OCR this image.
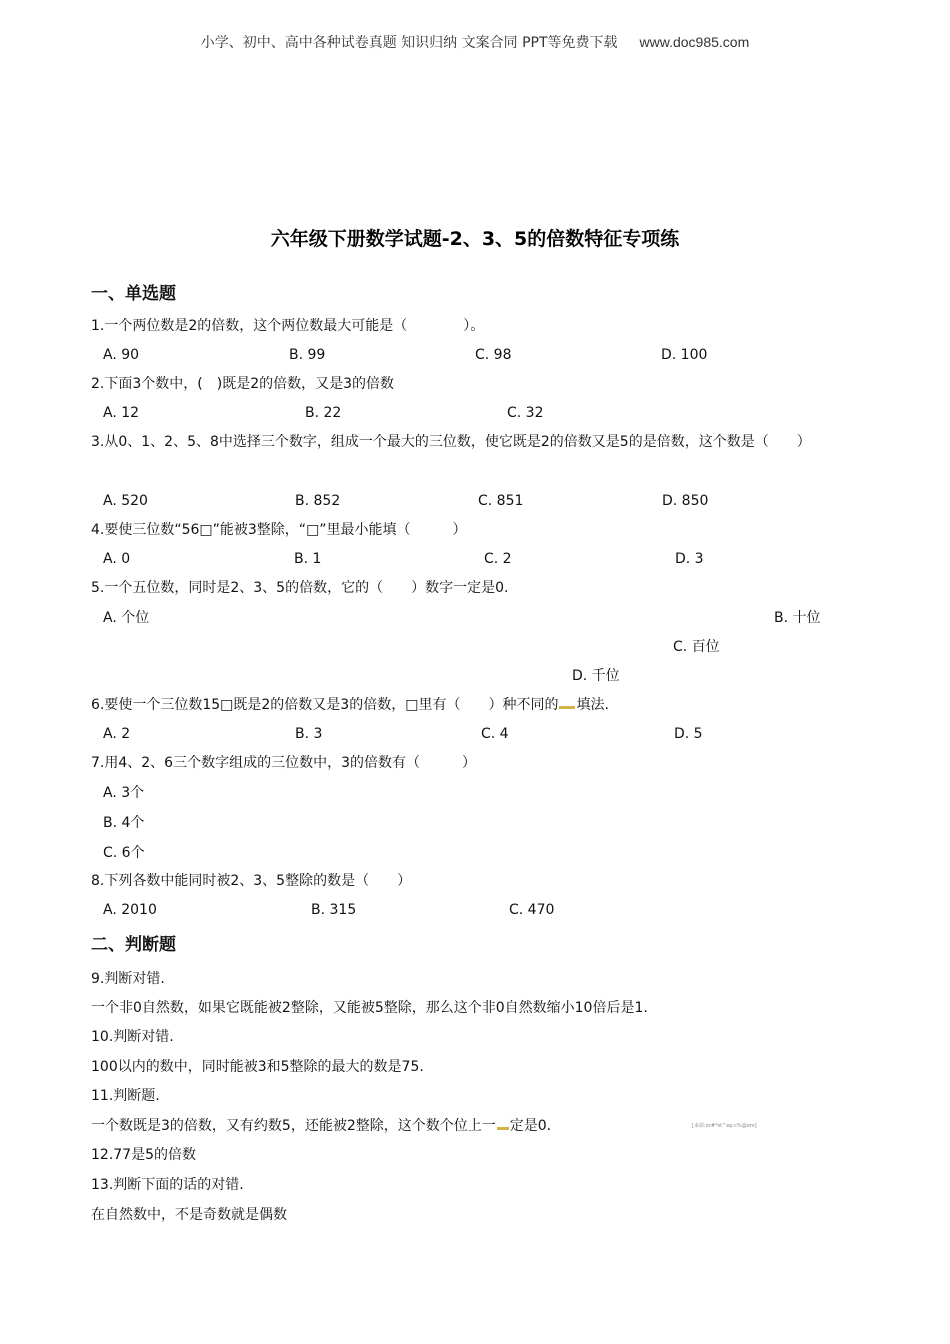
小学、初中、高中各种试卷真题 知识归纳 文案合同 PPT等免费下载 www.doc985.com
六年级下册数学试题-2、3、5的倍数特征专项练
一、单选题
1.一个两位数是2的倍数，这个两位数最大可能是（　　　　）。
A. 90	B. 99	C. 98	D. 100
2.下面3个数中，(　)既是2的倍数，又是3的倍数
A. 12	B. 22	C. 32
3.从0、1、2、5、8中选择三个数字，组成一个最大的三位数，使它既是2的倍数又是5的是倍数，这个数是（　　）
A. 520	B. 852	C. 851	D. 850
4.要使三位数“56□”能被3整除，“□”里最小能填（　　　）
A. 0	B. 1	C. 2	D. 3
5.一个五位数，同时是2、3、5的倍数，它的（　　）数字一定是0.
A. 个位	B. 十位
C. 百位
D. 千位
6.要使一个三位数15□既是2的倍数又是3的倍数，□里有（　　）种不同的 填法.
A. 2	B. 3	C. 4	D. 5
7.用4、2、6三个数字组成的三位数中，3的倍数有（　　　）
A. 3个
B. 4个
C. 6个
8.下列各数中能同时被2、3、5整除的数是（　　）
A. 2010	B. 315	C. 470
二、判断题
9.判断对错.
一个非0自然数，如果它既能被2整除，又能被5整除，那么这个非0自然数缩小10倍后是1.
10.判断对错.
100以内的数中，同时能被3和5整除的最大的数是75.
11.判断题.
一个数既是3的倍数，又有约数5，还能被2整除，这个数个位上一 定是0.	[来源:zz#*st^ep.c%@om]
12.77是5的倍数
13.判断下面的话的对错.
在自然数中，不是奇数就是偶数
